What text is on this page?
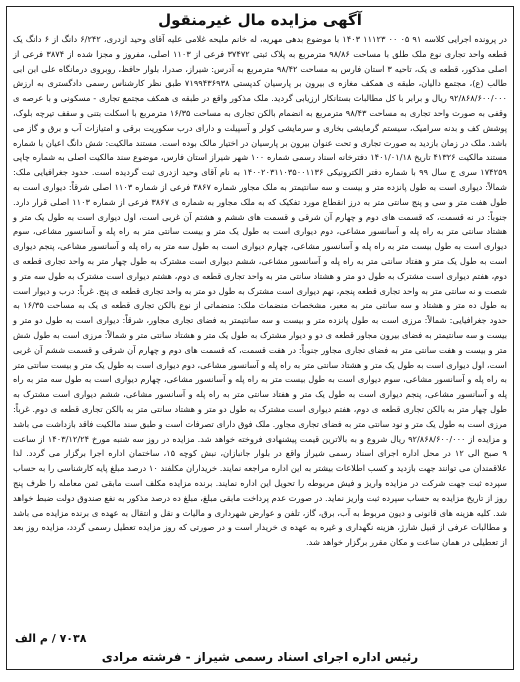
آگهی مزایده مال غیرمنقول
در پرونده اجرایی کلاسه ۹۱ ۰۵ ۰۰ ۱۱۱۲۳ ۱۴۰۳ با موضوع بدهی مهریه، له خانم ملیحه غلامی علیه آقای وحید ازدری، ۶/۲۴۲ دانگ از ۶ دانگ یک قطعه واحد تجاری نوع ملک طلق با مساحت ۹۸/۸۶ مترمربع به پلاک ثبتی ۳۷۴۷۲ فرعی از ۱۱۰۳ اصلی، مفروز و مجزا شده از ۳۸۷۴ فرعی از اصلی مذکور، قطعه ی یک، تاحیه ۳ استان فارس به مساحت ۹۸/۴۲ مترمربع به آدرس: شیراز، صدرا، بلوار حافظ، روبروی درمانگاه علی ابن ابی طالب (ع)، مجتمع دالیان، طبقه ی همکف مغازه ی بیرون بر پارسیان کدپستی ۷۱۹۹۴۳۶۹۳۸ طبق نظر کارشناس رسمی دادگستری به ارزش ۹۲/۸۶۸/۶۰۰/۰۰۰ ریال و برابر با کل مطالبات بستانکار ارزیابی گردید. ملک مذکور واقع در طبقه ی همکف مجتمع تجاری - مسکونی و با عرصه ی وقفی به صورت واحد تجاری به مساحت ۹۸/۴۳ مترمربع به انضمام بالکن تجاری به مساحت ۱۶/۳۵ مترمربع با اسکلت بتنی و سقف تیرچه بلوک، پوشش کف و بدنه سرامیک، سیستم گرمایشی بخاری و سرمایشی کولر و آسپیلت و دارای درب سکوریت برقی و امتیازات آب و برق و گاز می باشد. ملک در زمان بازدید به صورت تجاری و تحت عنوان بیرون بر پارسیان در اختیار مالک بوده است. مستند مالکیت: شش دانگ اعیان با شماره مستند مالکیت ۴۱۳۲۶ تاریخ ۱۴۰۱/۰۱/۱۸ دفترخانه اسناد رسمی شماره ۱۰۰ شهر شیراز استان فارس، موضوع سند مالکیت اصلی به شماره چاپی ۱۷۴۲۵۹ سری ج سال ۹۹ با شماره دفتر الکترونیکی ۱۴۰۰۲۰۳۱۱۰۳۵۰۰۱۱۳۶ به نام آقای وحید ازدری ثبت گردیده است. حدود جغرافیایی ملک: شمالاً: دیواری است به طول پانزده متر و بیست و سه سانتیمتر به ملک مجاور شماره ۳۸۶۷ فرعی از شماره ۱۱۰۳ اصلی شرقاً: دیواری است به طول هفت متر و سی و پنج سانتی متر به درز انقطاع مورد تفکیک که به ملک مجاور به شماره ی ۳۸۶۷ فرعی از شماره ۱۱۰۳ اصلی قرار دارد. جنوباً: در نه قسمت، که قسمت های دوم و چهارم آن شرقی و قسمت های ششم و هشتم آن غربی است، اول دیواری است به طول یک متر و هشتاد سانتی متر به راه پله و آسانسور مشاعی، دوم دیواری است به طول یک متر و بیست سانتی متر به راه پله و آسانسور مشاعی، سوم دیواری است به طول بیست متر به راه پله و آسانسور مشاعی، چهارم دیواری است به طول سه متر به راه پله و آسانسور مشاعی، پنجم دیواری است به طول یک متر و هفتاد سانتی متر به راه پله و آسانسور مشاعی، ششم دیواری است مشترک به طول چهار متر به واحد تجاری قطعه ی دوم، هفتم دیواری است مشترک به طول دو متر و هشتاد سانتی متر به واحد تجاری قطعه ی دوم، هشتم دیواری است مشترک به طول سه متر و شصت و نه سانتی متر به واحد تجاری قطعه پنجم، نهم دیواری است مشترک به طول دو متر به واحد تجاری قطعه ی پنج. غرباً: درب و دیوار است به طول ده متر و هشتاد و سه سانتی متر به معبر، مشخصات منضمات ملک: منضماتی از نوع بالکن تجاری قطعه ی یک به مساحت ۱۶/۳۵ به حدود جغرافیایی: شمالاً: مرزی است به طول پانزده متر و بیست و سه سانتیمتر به فضای تجاری مجاور، شرقاً: دیواری است به طول دو متر و بیست و سه سانتیمتر به فضای بیرون مجاور قطعه ی دو و دیوار مشترک به طول یک متر و هشتاد سانتی متر و شمالاً: مرزی است به طول شش متر و بیست و هفت سانتی متر به فضای تجاری مجاور جنوباً: در هفت قسمت، که قسمت های دوم و چهارم آن شرقی و قسمت ششم آن غربی است، اول دیواری است به طول یک متر و هشتاد سانتی متر به راه پله و آسانسور مشاعی، دوم دیواری است به طول یک متر و بیست سانتی متر به راه پله و آسانسور مشاعی، سوم دیواری است به طول بیست متر به راه پله و آسانسور مشاعی، چهارم دیواری است به طول سه متر به راه پله و آسانسور مشاعی، پنجم دیواری است به طول یک متر و هفتاد سانتی متر به راه پله و آسانسور مشاعی، ششم دیواری است مشترک به طول چهار متر به بالکن تجاری قطعه ی دوم، هفتم دیواری است مشترک به طول دو متر و هشتاد سانتی متر به بالکن تجاری قطعه ی دوم. غرباً: مرزی است به طول یک متر و نود سانتی متر به فضای تجاری مجاور. ملک فوق دارای تصرفات است و طبق سند مالکیت فاقد بازداشت می باشد و مزایده از ۹۲/۸۶۸/۶۰۰/۰۰۰ ریال شروع و به بالاترین قیمت پیشنهادی فروخته خواهد شد. مزایده در روز سه شنبه مورخ ۱۴۰۳/۱۲/۲۴ از ساعت ۹ صبح الی ۱۲ در محل اداره اجرای اسناد رسمی شیراز واقع در بلوار جانبازان، نبش کوچه ۱۵، ساختمان اداره اجرا برگزار می گردد. لذا علاقمندان می توانند جهت بازدید و کسب اطلاعات بیشتر به این اداره مراجعه نمایند. خریداران مکلفند ۱۰ درصد مبلغ پایه کارشناسی را به حساب سپرده ثبت جهت شرکت در مزایده واریز و فیش مربوطه را تحویل این اداره نمایند. برنده مزایده مکلف است مابقی ثمن معامله را ظرف پنج روز از تاریخ مزایده به حساب سپرده ثبت واریز نماید. در صورت عدم پرداخت مابقی مبلغ، مبلغ ده درصد مذکور به نفع صندوق دولت ضبط خواهد شد. کلیه هزینه های قانونی و دیون مربوط به آب، برق، گاز، تلفن و عوارض شهرداری و مالیات و نقل و انتقال به عهده ی برنده مزایده می باشد و مطالبات عرفی از قبیل شارژ، هزینه نگهداری و غیره به عهده ی خریدار است و در صورتی که روز مزایده تعطیل رسمی گردد، مزایده روز بعد از تعطیلی در همان ساعت و مکان مقرر برگزار خواهد شد.
۷۰۳۸ / م الف
رئیس اداره اجرای اسناد رسمی شیراز - فرشته مرادی
